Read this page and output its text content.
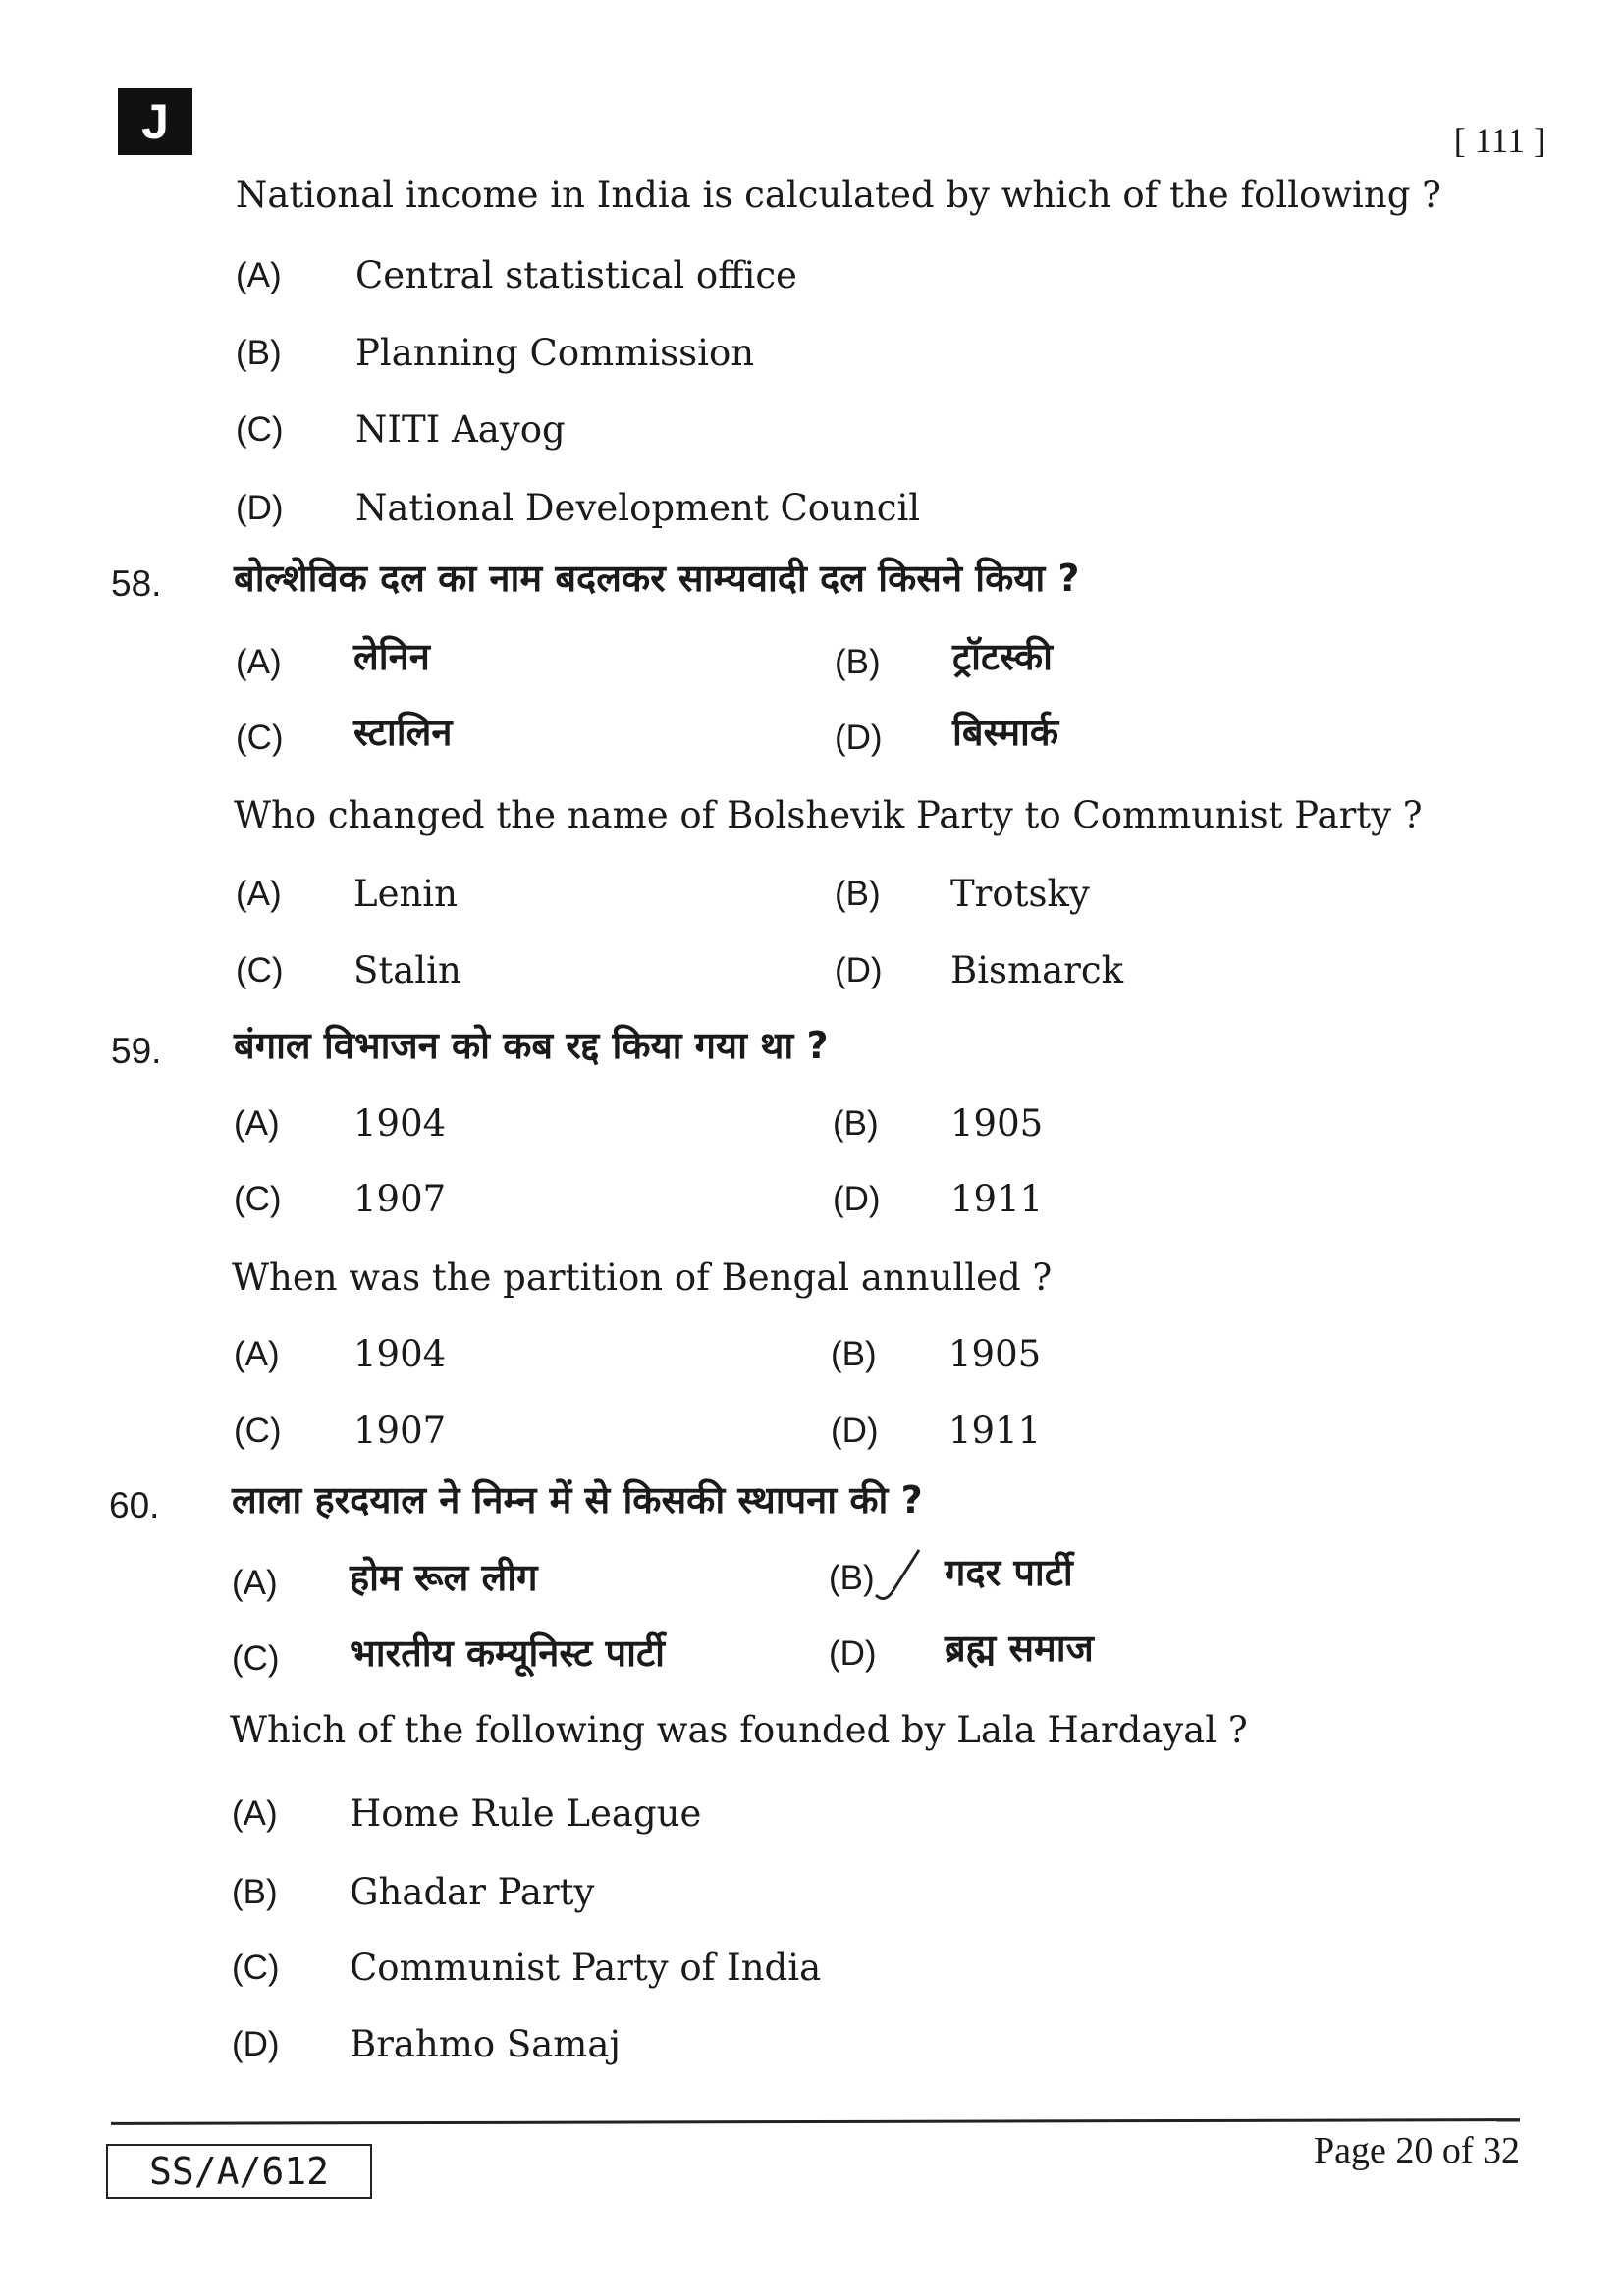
J	[ 111 ]
National income in India is calculated by which of the following ?
(A) Central statistical office
(B) Planning Commission
(C) NITI Aayog
(D) National Development Council
58. बोल्शेविक दल का नाम बदलकर साम्यवादी दल किसने किया ?
(A) लेनिन	(B) ट्रॉटस्की
(C) स्टालिन	(D) बिस्मार्क
Who changed the name of Bolshevik Party to Communist Party ?
(A) Lenin	(B) Trotsky
(C) Stalin	(D) Bismarck
59. बंगाल विभाजन को कब रद्द किया गया था ?
(A) 1904	(B) 1905
(C) 1907	(D) 1911
When was the partition of Bengal annulled ?
(A) 1904	(B) 1905
(C) 1907	(D) 1911
60. लाला हरदयाल ने निम्न में से किसकी स्थापना की ?
(A) होम रूल लीग	(B) गदर पार्टी
(C) भारतीय कम्यूनिस्ट पार्टी	(D) ब्रह्म समाज
Which of the following was founded by Lala Hardayal ?
(A) Home Rule League
(B) Ghadar Party
(C) Communist Party of India
(D) Brahmo Samaj
SS/A/612	Page 20 of 32
